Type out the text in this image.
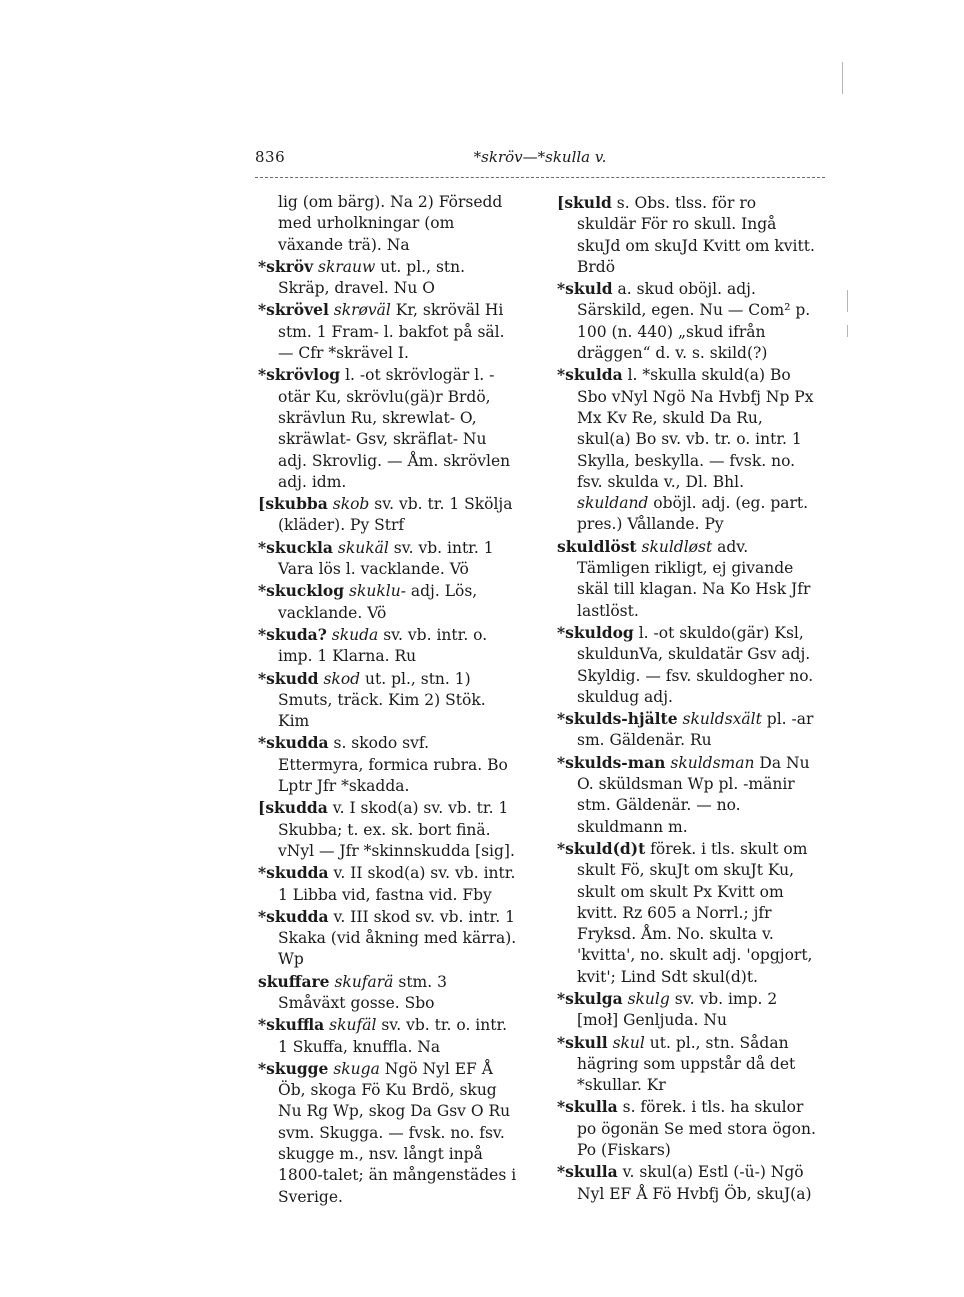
836	*skröv—*skulla v.

lig (om bärg). Na 2) Försedd med urholkningar (om växande trä). Na

*skröv skrauw ut. pl., stn. Skräp, dravel. Nu O

*skrövel skrøväl Kr, skröväl Hi stm. 1 Fram- l. bakfot på säl. — Cfr *skrävel I.

*skrövlog l. -ot skrövlogär l. -otär Ku, skrövlu(gä)r Brdö, skrävlun Ru, skrewlat- O, skräwlat- Gsv, skräflat- Nu adj. Skrovlig. — Åm. skrövlen adj. idm.

[skubba skob sv. vb. tr. 1 Skölja (kläder). Py Strf

*skuckla skukäl sv. vb. intr. 1 Vara lös l. vacklande. Vö

*skucklog skuklu- adj. Lös, vacklande. Vö

*skuda? skuda sv. vb. intr. o. imp. 1 Klarna. Ru

*skudd skod ut. pl., stn. 1) Smuts, träck. Kim 2) Stök. Kim

*skudda s. skodo svf. Ettermyra, formica rubra. Bo Lptr Jfr *skadda.

[skudda v. I skod(a) sv. vb. tr. 1 Skubba; t. ex. sk. bort finä. vNyl — Jfr *skinnskudda [sig].

*skudda v. II skod(a) sv. vb. intr. 1 Libba vid, fastna vid. Fby

*skudda v. III skod sv. vb. intr. 1 Skaka (vid åkning med kärra). Wp

skuffare skufarä stm. 3 Småväxt gosse. Sbo

*skuffla skufäl sv. vb. tr. o. intr. 1 Skuffa, knuffla. Na

*skugge skuga Ngö Nyl EF Å Öb, skoga Fö Ku Brdö, skug Nu Rg Wp, skog Da Gsv O Ru svm. Skugga. — fvsk. no. fsv. skugge m., nsv. långt inpå 1800-talet; än mångenstädes i Sverige.

[skuld s. Obs. tlss. för ro skuldär För ro skull. Ingå skuJd om skuJd Kvitt om kvitt. Brdö

*skuld a. skud oböjl. adj. Särskild, egen. Nu — Com² p. 100 (n. 440) „skud ifrån dräggen“ d. v. s. skild(?)

*skulda l. *skulla skuld(a) Bo Sbo vNyl Ngö Na Hvbfj Np Px Mx Kv Re, skuld Da Ru, skul(a) Bo sv. vb. tr. o. intr. 1 Skylla, beskylla. — fvsk. no. fsv. skulda v., Dl. Bhl.

skuldand oböjl. adj. (eg. part. pres.) Vållande. Py

skuldlöst skuldløst adv. Tämligen rikligt, ej givande skäl till klagan. Na Ko Hsk Jfr lastlöst.

*skuldog l. -ot skuldo(gär) Ksl, skuldunVa, skuldatär Gsv adj. Skyldig. — fsv. skuldogher no. skuldug adj.

*skulds-hjälte skuldsxält pl. -ar sm. Gäldenär. Ru

*skulds-man skuldsman Da Nu O. sküldsman Wp pl. -mänir stm. Gäldenär. — no. skuldmann m.

*skuld(d)t förek. i tls. skult om skult Fö, skuJt om skuJt Ku, skult om skult Px Kvitt om kvitt. Rz 605 a Norrl.; jfr Fryksd. Åm. No. skulta v. 'kvitta', no. skult adj. 'opgjort, kvit'; Lind Sdt skul(d)t.

*skulga skulg sv. vb. imp. 2 [moł] Genljuda. Nu

*skull skul ut. pl., stn. Sådan hägring som uppstår då det *skullar. Kr

*skulla s. förek. i tls. ha skulor po ögonän Se med stora ögon. Po (Fiskars)

*skulla v. skul(a) Estl (-ü-) Ngö Nyl EF Å Fö Hvbfj Öb, skuJ(a)
